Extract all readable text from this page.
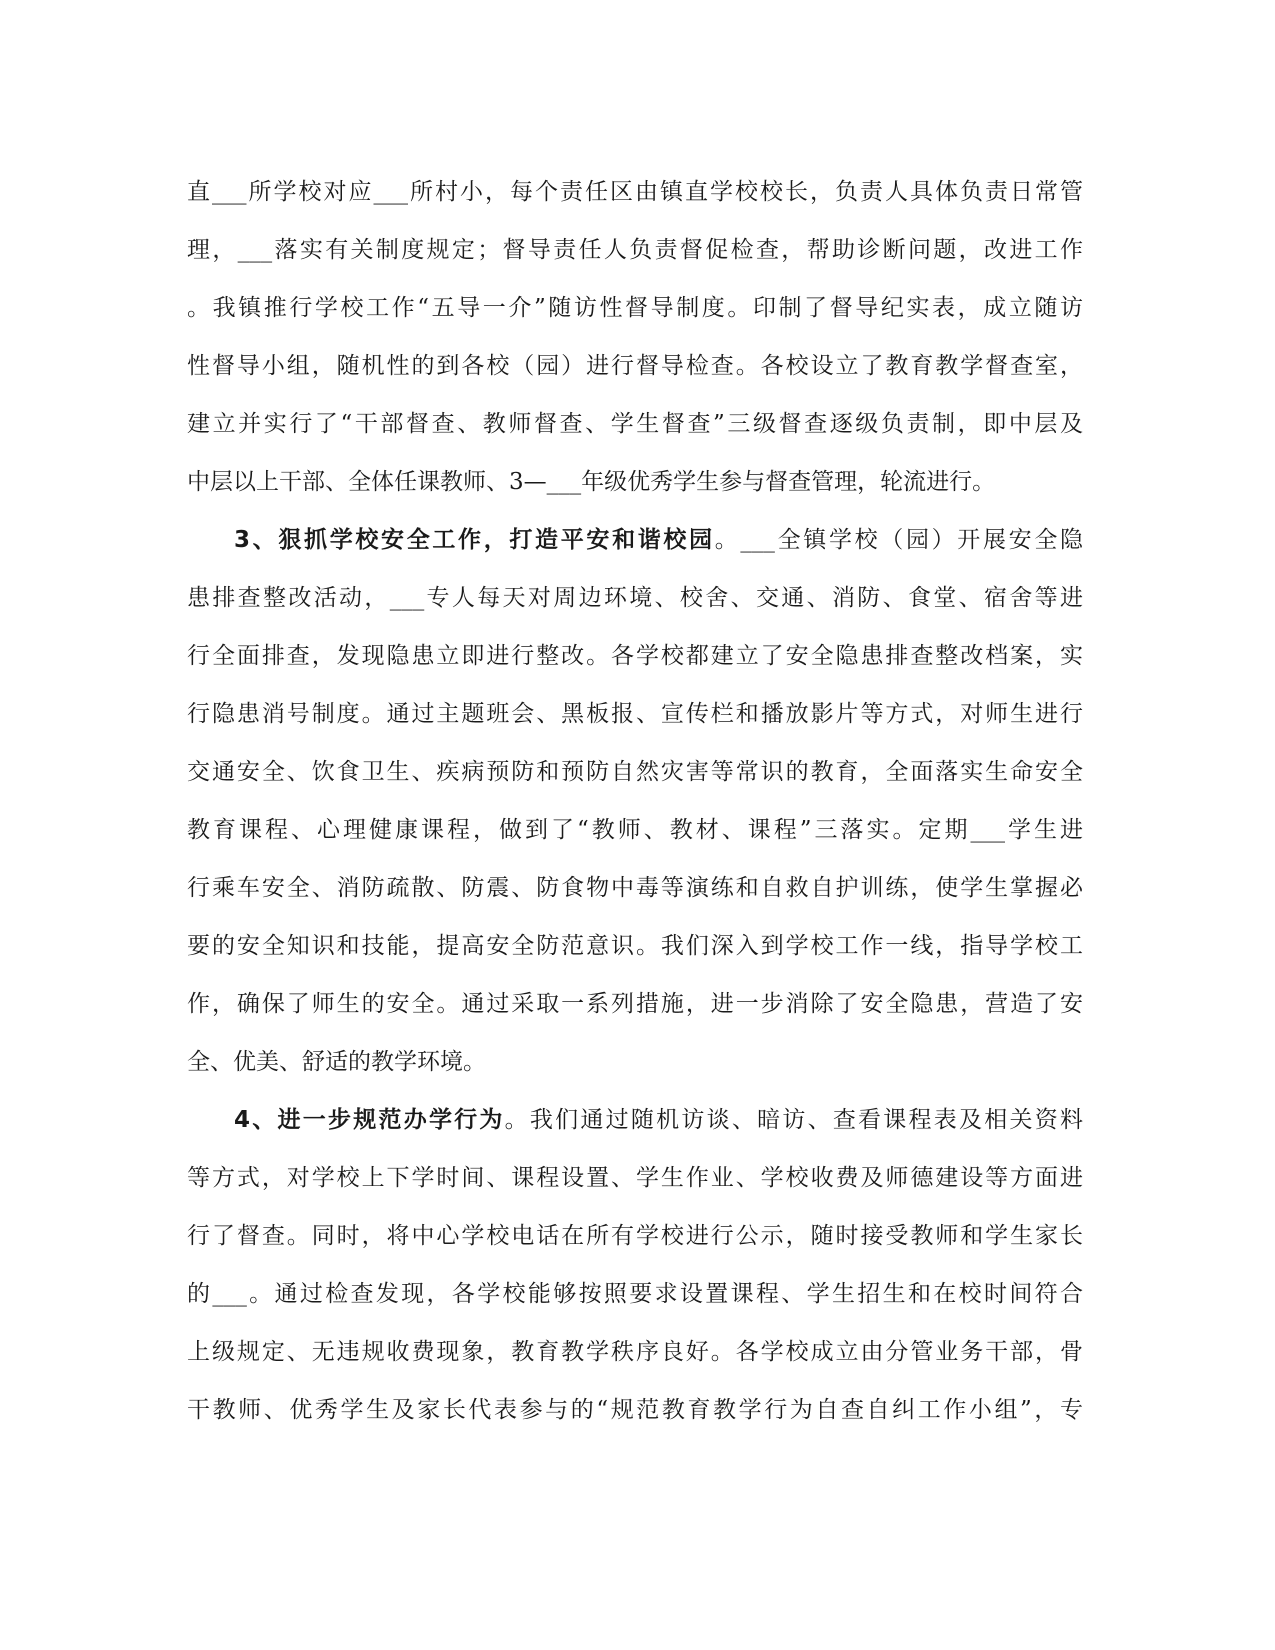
直___所学校对应___所村小，每个责任区由镇直学校校长，负责人具体负责日常管
理，___落实有关制度规定；督导责任人负责督促检查，帮助诊断问题，改进工作
。我镇推行学校工作“五导一介”随访性督导制度。印制了督导纪实表，成立随访
性督导小组，随机性的到各校（园）进行督导检查。各校设立了教育教学督查室，
建立并实行了“干部督查、教师督查、学生督查”三级督查逐级负责制，即中层及
中层以上干部、全体任课教师、3—___年级优秀学生参与督查管理，轮流进行。
3、狠抓学校安全工作，打造平安和谐校园。___全镇学校（园）开展安全隐
患排查整改活动，___专人每天对周边环境、校舍、交通、消防、食堂、宿舍等进
行全面排查，发现隐患立即进行整改。各学校都建立了安全隐患排查整改档案，实
行隐患消号制度。通过主题班会、黑板报、宣传栏和播放影片等方式，对师生进行
交通安全、饮食卫生、疾病预防和预防自然灾害等常识的教育，全面落实生命安全
教育课程、心理健康课程，做到了“教师、教材、课程”三落实。定期___学生进
行乘车安全、消防疏散、防震、防食物中毒等演练和自救自护训练，使学生掌握必
要的安全知识和技能，提高安全防范意识。我们深入到学校工作一线，指导学校工
作，确保了师生的安全。通过采取一系列措施，进一步消除了安全隐患，营造了安
全、优美、舒适的教学环境。
4、进一步规范办学行为。我们通过随机访谈、暗访、查看课程表及相关资料
等方式，对学校上下学时间、课程设置、学生作业、学校收费及师德建设等方面进
行了督查。同时，将中心学校电话在所有学校进行公示，随时接受教师和学生家长
的___。通过检查发现，各学校能够按照要求设置课程、学生招生和在校时间符合
上级规定、无违规收费现象，教育教学秩序良好。各学校成立由分管业务干部，骨
干教师、优秀学生及家长代表参与的“规范教育教学行为自查自纠工作小组”，专
